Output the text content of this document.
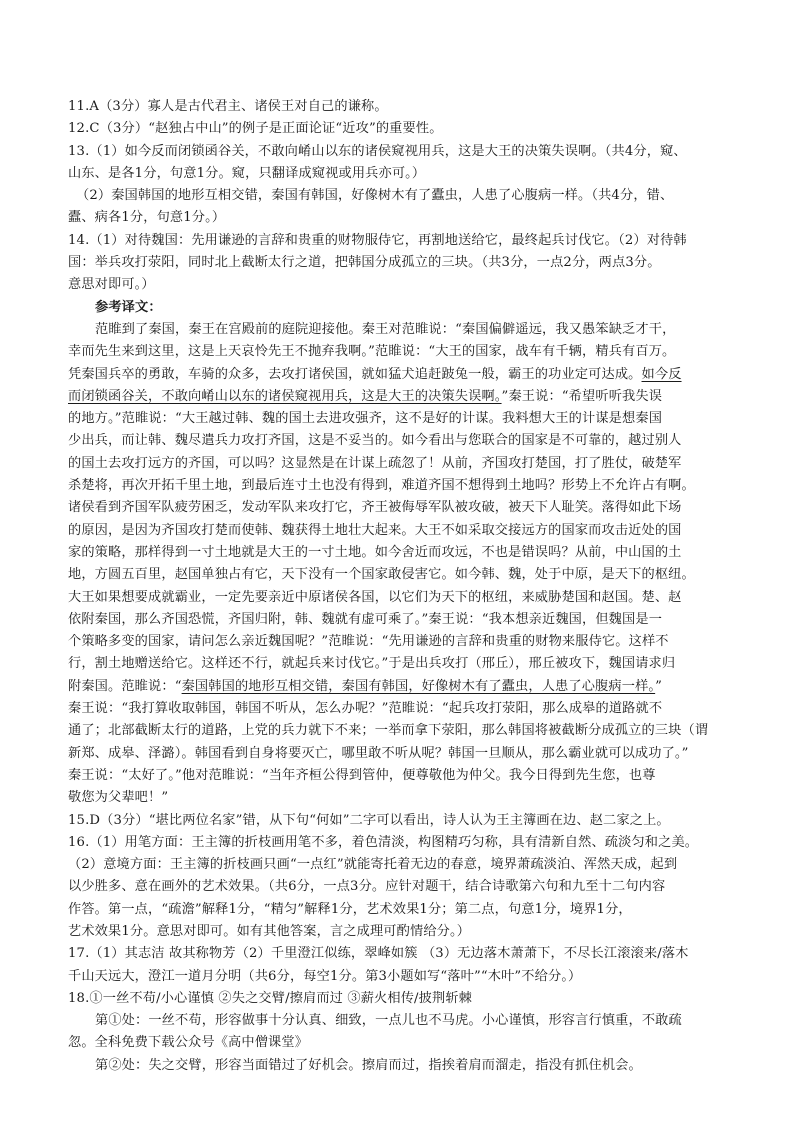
11.A（3分）寡人是古代君主、诸侯王对自己的谦称。
12.C（3分）“赵独占中山”的例子是正面论证“近攻”的重要性。
13.（1）如今反而闭锁函谷关，不敢向崤山以东的诸侯窥视用兵，这是大王的决策失误啊。（共4分，窥、
山东、是各1分，句意1分。窥，只翻译成窥视或用兵亦可。）
（2）秦国韩国的地形互相交错，秦国有韩国，好像树木有了蠹虫，人患了心腹病一样。（共4分，错、
蠹、病各1分，句意1分。）
14.（1）对待魏国：先用谦逊的言辞和贵重的财物服侍它，再割地送给它，最终起兵讨伐它。（2）对待韩
国：举兵攻打荥阳，同时北上截断太行之道，把韩国分成孤立的三块。（共3分，一点2分，两点3分。
意思对即可。）
参考译文：
范睢到了秦国，秦王在宫殿前的庭院迎接他。秦王对范睢说：“秦国偏僻遥远，我又愚笨缺乏才干，
幸而先生来到这里，这是上天哀怜先王不抛弃我啊。”范睢说：“大王的国家，战车有千辆，精兵有百万。
凭秦国兵卒的勇敢，车骑的众多，去攻打诸侯国，就如猛犬追赶跛兔一般，霸王的功业定可达成。如今反
而闭锁函谷关，不敢向崤山以东的诸侯窥视用兵，这是大王的决策失误啊。”秦王说：“希望听听我失误
的地方。”范睢说：“大王越过韩、魏的国土去进攻强齐，这不是好的计谋。我料想大王的计谋是想秦国
少出兵，而让韩、魏尽遣兵力攻打齐国，这是不妥当的。如今看出与您联合的国家是不可靠的，越过别人
的国土去攻打远方的齐国，可以吗？这显然是在计谋上疏忽了！从前，齐国攻打楚国，打了胜仗，破楚军
杀楚将，再次开拓千里土地，到最后连寸土也没有得到，难道齐国不想得到土地吗？形势上不允许占有啊。
诸侯看到齐国军队疲劳困乏，发动军队来攻打它，齐王被侮辱军队被攻破，被天下人耻笑。落得如此下场
的原因，是因为齐国攻打楚而使韩、魏获得土地壮大起来。大王不如采取交接远方的国家而攻击近处的国
家的策略，那样得到一寸土地就是大王的一寸土地。如今舍近而攻远，不也是错误吗？从前，中山国的土
地，方圆五百里，赵国单独占有它，天下没有一个国家敢侵害它。如今韩、魏，处于中原，是天下的枢纽。
大王如果想要成就霸业，一定先要亲近中原诸侯各国，以它们为天下的枢纽，来威胁楚国和赵国。楚、赵
依附秦国，那么齐国恐慌，齐国归附，韩、魏就有虚可乘了。”秦王说：“我本想亲近魏国，但魏国是一
个策略多变的国家，请问怎么亲近魏国呢？”范睢说：“先用谦逊的言辞和贵重的财物来服侍它。这样不
行，割土地赠送给它。这样还不行，就起兵来讨伐它。”于是出兵攻打（邢丘），邢丘被攻下，魏国请求归
附秦国。范睢说：“秦国韩国的地形互相交错，秦国有韩国，好像树木有了蠹虫，人患了心腹病一样。”
秦王说：“我打算收取韩国，韩国不听从，怎么办呢？”范睢说：“起兵攻打荥阳，那么成皋的道路就不
通了；北部截断太行的道路，上党的兵力就下不来；一举而拿下荥阳，那么韩国将被截断分成孤立的三块（谓
新郑、成皋、泽潞）。韩国看到自身将要灭亡，哪里敢不听从呢？韩国一旦顺从，那么霸业就可以成功了。”
秦王说：“太好了。”他对范睢说：“当年齐桓公得到管仲，便尊敬他为仲父。我今日得到先生您，也尊
敬您为父辈吧！”
15.D（3分）“堪比两位名家”错，从下句“何如”二字可以看出，诗人认为王主簿画在边、赵二家之上。
16.（1）用笔方面：王主簿的折枝画用笔不多，着色清淡，构图精巧匀称，具有清新自然、疏淡匀和之美。
（2）意境方面：王主簿的折枝画只画“一点红”就能寄托着无边的春意，境界萧疏淡泊、浑然天成，起到
以少胜多、意在画外的艺术效果。（共6分，一点3分。应针对题干，结合诗歌第六句和九至十二句内容
作答。第一点，“疏澹”解释1分，“精匀”解释1分，艺术效果1分；第二点，句意1分，境界1分，
艺术效果1分。意思对即可。如有其他答案，言之成理可酌情给分。）
17.（1）其志洁 故其称物芳（2）千里澄江似练，翠峰如簇 （3）无边落木萧萧下，不尽长江滚滚来/落木
千山天远大，澄江一道月分明（共6分，每空1分。第3小题如写“落叶”“木叶”不给分。）
18.①一丝不苟/小心谨慎 ②失之交臂/擦肩而过 ③薪火相传/披荆斩棘
第①处：一丝不苟，形容做事十分认真、细致，一点儿也不马虎。小心谨慎，形容言行慎重，不敢疏
忽。全科免费下载公众号《高中僧课堂》
第②处：失之交臂，形容当面错过了好机会。擦肩而过，指挨着肩而溜走，指没有抓住机会。
